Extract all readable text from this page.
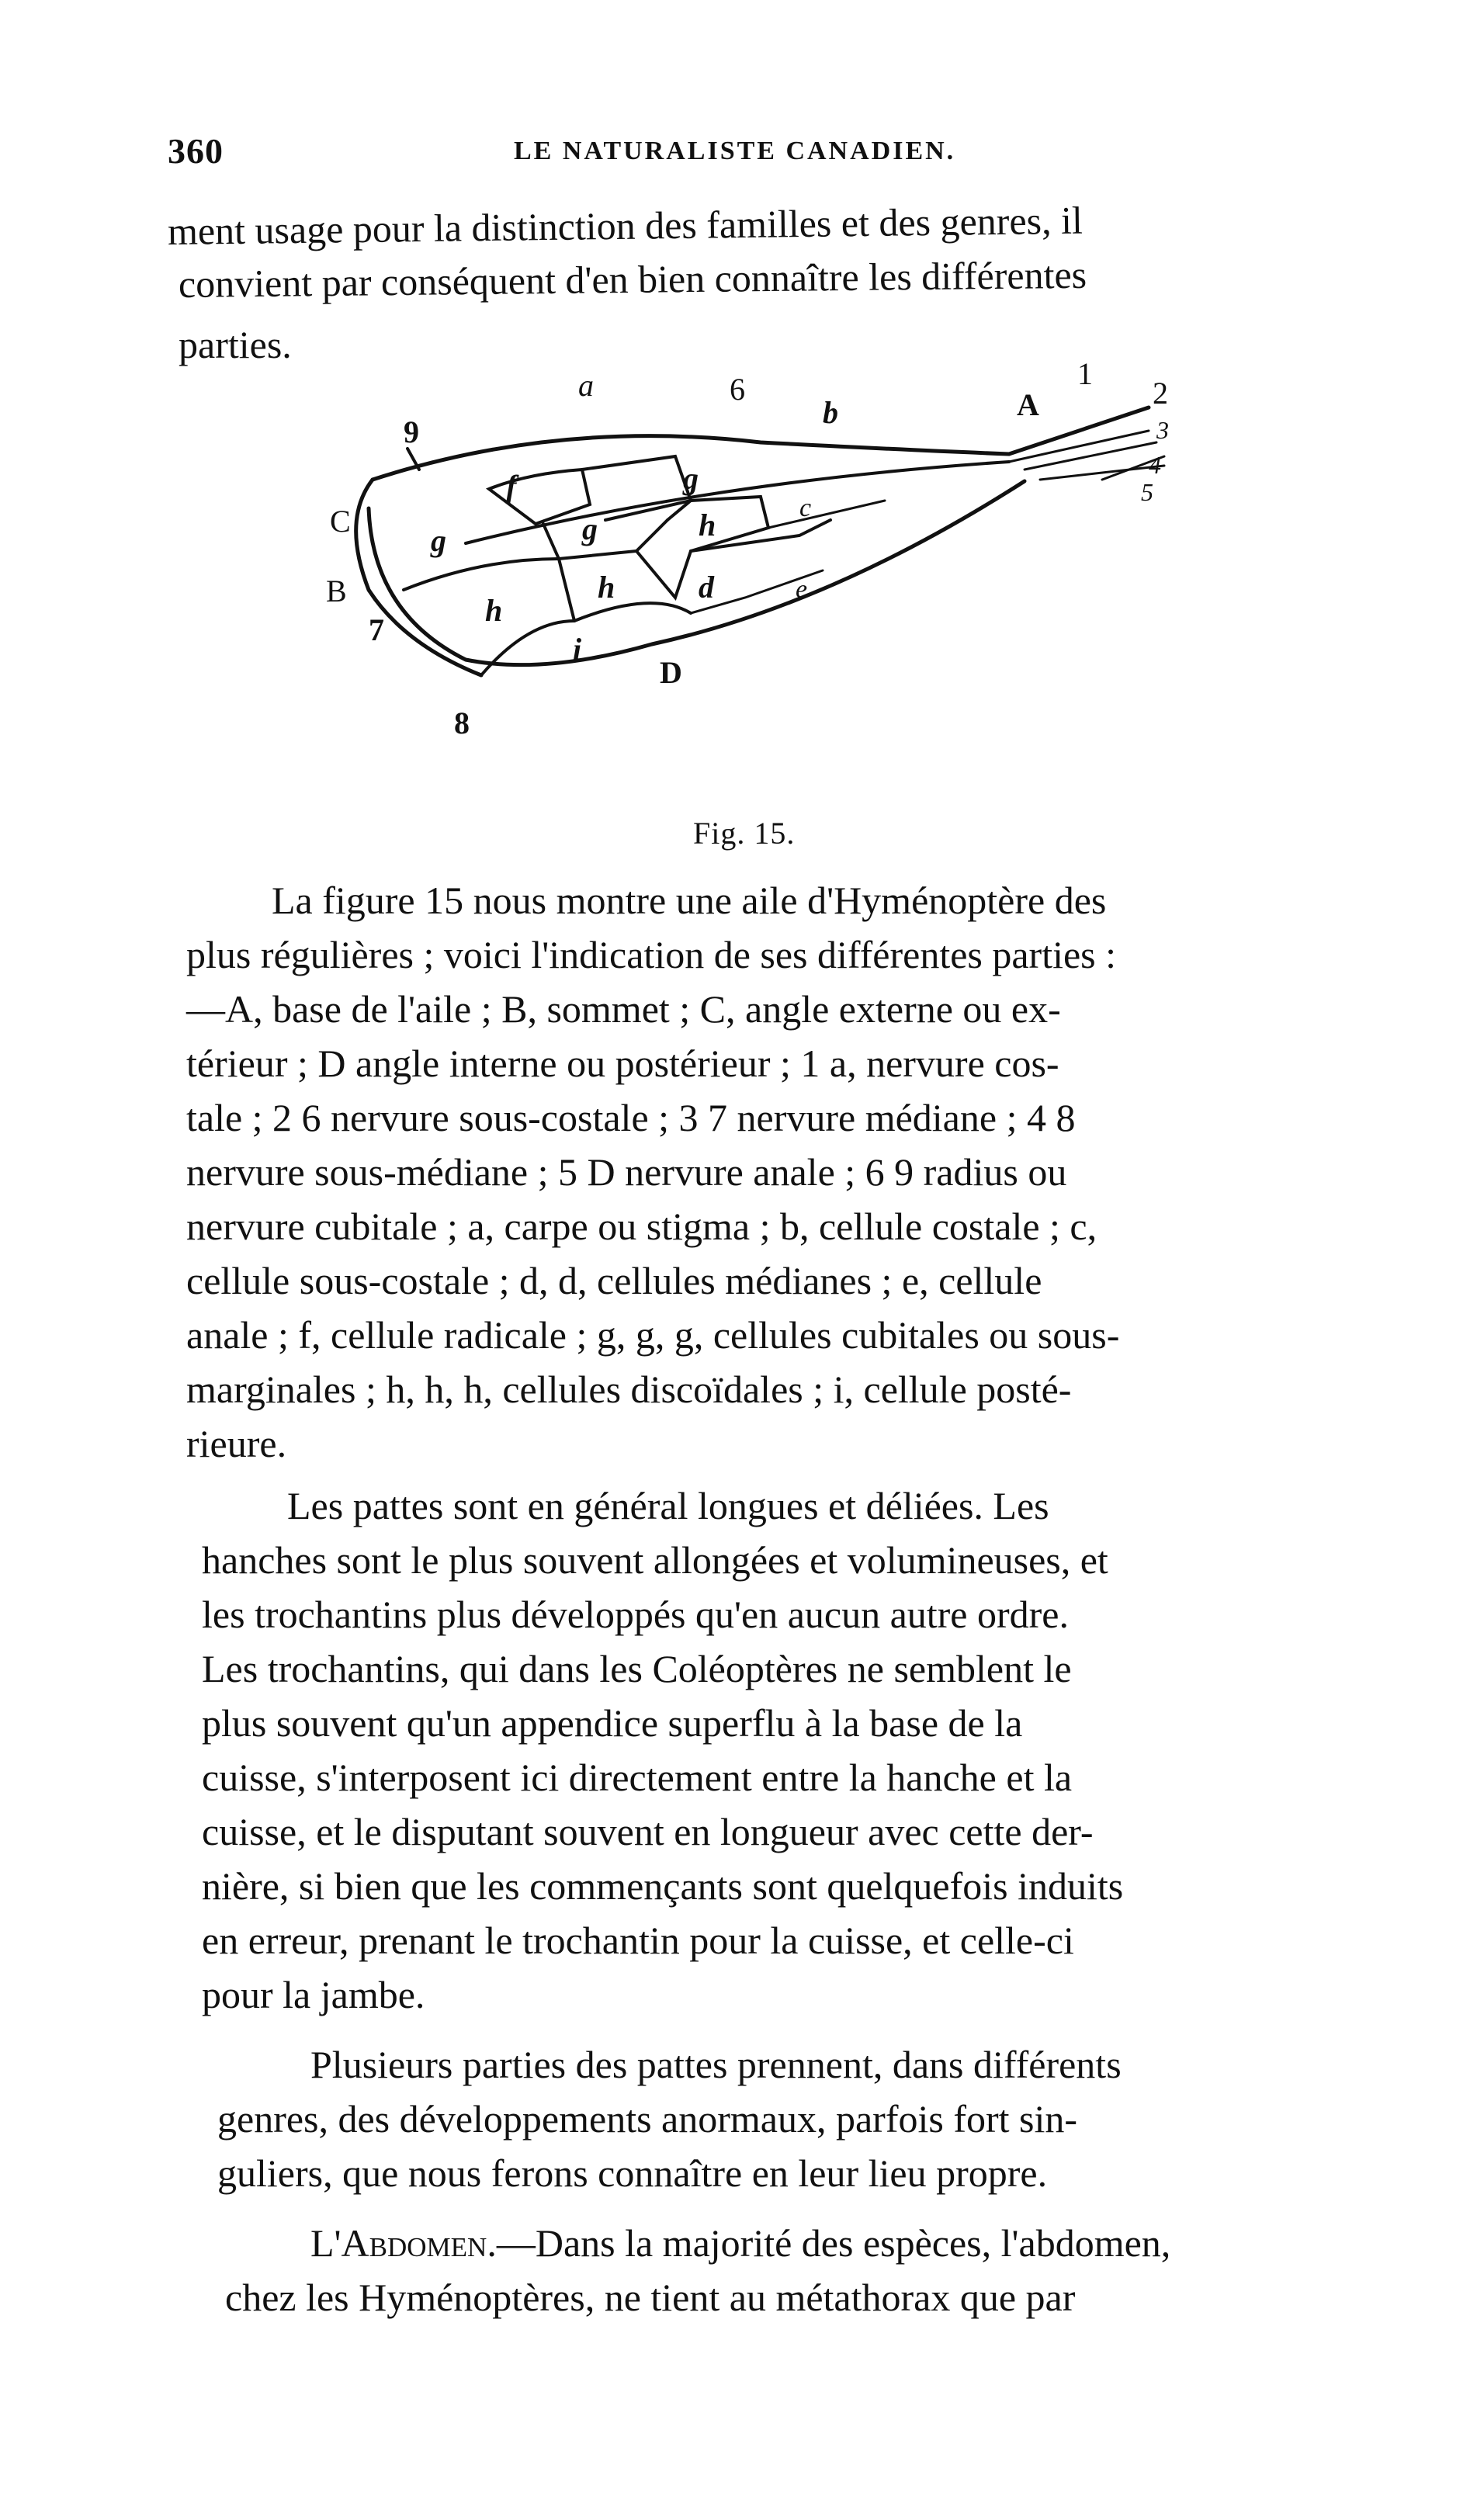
360	LE NATURALISTE CANADIEN.
ment usage pour la distinction des familles et des genres, il
convient par conséquent d'en bien connaître les différentes
parties.
a	6
b	A
1
2
3
4
5
9
C
B
7
8
D
f
g	g
g
h
h
h	c
d	e
i
Fig. 15.
La figure 15 nous montre une aile d'Hyménoptère des
plus régulières ; voici l'indication de ses différentes parties :
—A, base de l'aile ; B, sommet ; C, angle externe ou ex-
térieur ; D angle interne ou postérieur ; 1 a, nervure cos-
tale ; 2 6 nervure sous-costale ; 3 7 nervure médiane ; 4 8
nervure sous-médiane ; 5 D nervure anale ; 6 9 radius ou
nervure cubitale ; a, carpe ou stigma ; b, cellule costale ; c,
cellule sous-costale ; d, d, cellules médianes ; e, cellule
anale ; f, cellule radicale ; g, g, g, cellules cubitales ou sous-
marginales ; h, h, h, cellules discoïdales ; i, cellule posté-
rieure.
Les pattes sont en général longues et déliées. Les
hanches sont le plus souvent allongées et volumineuses, et
les trochantins plus développés qu'en aucun autre ordre.
Les trochantins, qui dans les Coléoptères ne semblent le
plus souvent qu'un appendice superflu à la base de la
cuisse, s'interposent ici directement entre la hanche et la
cuisse, et le disputant souvent en longueur avec cette der-
nière, si bien que les commençants sont quelquefois induits
en erreur, prenant le trochantin pour la cuisse, et celle-ci
pour la jambe.
Plusieurs parties des pattes prennent, dans différents
genres, des développements anormaux, parfois fort sin-
guliers, que nous ferons connaître en leur lieu propre.
L'Abdomen.—Dans la majorité des espèces, l'abdomen,
chez les Hyménoptères, ne tient au métathorax que par
